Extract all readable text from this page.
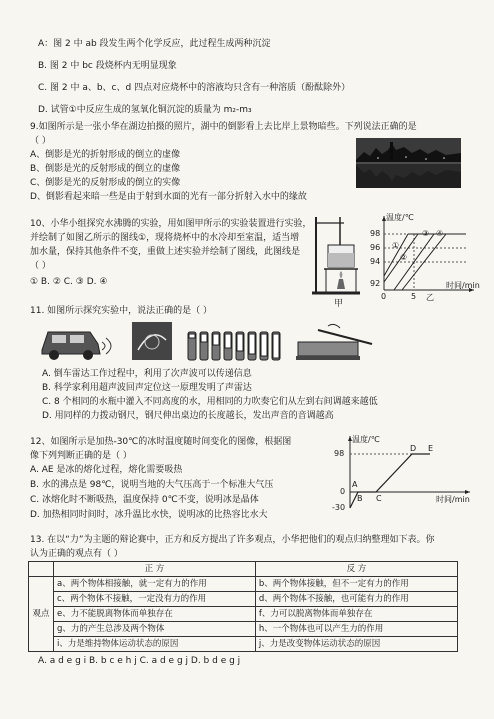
A：图 2 中 ab 段发生两个化学反应，此过程生成两种沉淀
B. 图 2 中 bc 段烧杯内无明显现象
C. 图 2 中 a、b、c、d 四点对应烧杯中的溶液均只含有一种溶质（酚酞除外）
D. 试管①中反应生成的氢氧化铜沉淀的质量为 m₂-m₃
9.如图所示是一张小华在湖边拍摄的照片，湖中的倒影看上去比岸上景物暗些。下列说法正确的是
（ ）
A、倒影是光的折射形成的倒立的虚像
B、倒影是光的反射形成的倒立的虚像
C、倒影是光的反射形成的倒立的实像
D、倒影看起来暗一些是由于射到水面的光有一部分折射入水中的缘故
10、小华小组探究水沸腾的实验，用如图甲所示的实验装置进行实验，
并绘制了如图乙所示的图线①，现将烧杯中的水冷却至室温，适当增
加水量，保持其他条件不变，重做上述实验并绘制了图线，此图线是
（ ）
① B. ② C. ③ D. ④
甲
温度/℃
98
96
94
92
0	5
时间/min
乙
①
②
③ ④
11. 如图所示探究实验中，说法正确的是（ ）
A. 倒车雷达工作过程中，利用了次声波可以传递信息
B. 科学家利用超声波回声定位这一原理发明了声雷达
C. 8 个相同的水瓶中灌入不同高度的水，用相同的力吹奏它们从左到右间调越来越低
D. 用同样的力拨动钢尺，钢尺伸出桌边的长度越长，发出声音的音调越高
12、如图所示是加热-30℃的冰时温度随时间变化的图像，根据图
像下列判断正确的是（ ）
A. AE 是冰的熔化过程，熔化需要吸热
B. 水的沸点是 98℃，说明当地的大气压高于一个标准大气压
C. 冰熔化时不断吸热，温度保持 0℃不变，说明冰是晶体
D. 加热相同时间时，冰升温比水快，说明冰的比热容比水大
温度/℃
98
0
-30
A
B C
D E
时间/min
13. 在以“力”为主题的辩论赛中，正方和反方提出了许多观点，小华把他们的观点归纳整理如下表。你
认为正确的观点有（ ）
	正 方	反 方
观点	a、两个物体相接触，就一定有力的作用	b、两个物体接触，但不一定有力的作用
	c、两个物体不接触，一定没有力的作用	d、两个物体不接触，也可能有力的作用
	e、力不能脱离物体而单独存在	f、力可以脱离物体而单独存在
	g、力的产生总涉及两个物体	h、一个物体也可以产生力的作用
	i、力是维持物体运动状态的原因	j、力是改变物体运动状态的原因
A. a d e g i B. b c e h j C. a d e g j D. b d e g j
